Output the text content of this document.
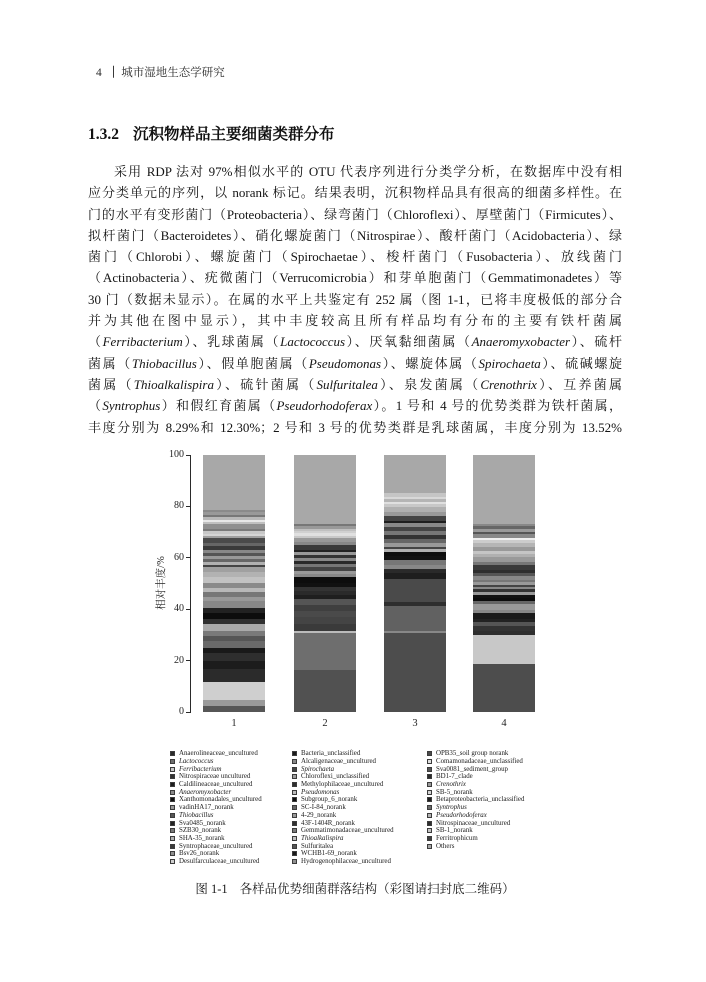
4 ｜ 城市湿地生态学研究
1.3.2 沉积物样品主要细菌类群分布
采用 RDP 法对 97%相似水平的 OTU 代表序列进行分类学分析，在数据库中没有相
应分类单元的序列，以 norank 标记。结果表明，沉积物样品具有很高的细菌多样性。在
门的水平有变形菌门（Proteobacteria）、绿弯菌门（Chloroflexi）、厚壁菌门（Firmicutes）、
拟杆菌门（Bacteroidetes）、硝化螺旋菌门（Nitrospirae）、酸杆菌门（Acidobacteria）、绿
菌门（Chlorobi）、螺旋菌门（Spirochaetae）、梭杆菌门（Fusobacteria）、放线菌门
（Actinobacteria）、疣微菌门（Verrucomicrobia）和芽单胞菌门（Gemmatimonadetes）等
30 门（数据未显示）。在属的水平上共鉴定有 252 属（图 1-1，已将丰度极低的部分合
并为其他在图中显示），其中丰度较高且所有样品均有分布的主要有铁杆菌属
（Ferribacterium）、乳球菌属（Lactococcus）、厌氧黏细菌属（Anaeromyxobacter）、硫杆
菌属（Thiobacillus）、假单胞菌属（Pseudomonas）、螺旋体属（Spirochaeta）、硫碱螺旋
菌属（Thioalkalispira）、硫针菌属（Sulfuritalea）、泉发菌属（Crenothrix）、互养菌属
（Syntrophus）和假红育菌属（Pseudorhodoferax）。1 号和 4 号的优势类群为铁杆菌属，
丰度分别为 8.29%和 12.30%；2 号和 3 号的优势类群是乳球菌属，丰度分别为 13.52%
相对丰度/%
0
20
40
60
80
100
1	2	3	4
Anaerolineaceae_uncultured
Lactococcus
Ferribacterium
Nitrospiraceae uncultured
Caldilineaceae_uncultured
Anaeromyxobacter
Xanthomonadales_uncultured
vadinHA17_norank
Thiobacillus
Sva0485_norank
SZB30_norank
SHA-35_norank
Syntrophaceae_uncultured
Bsv26_norank
Desulfarculaceae_uncultured
Bacteria_unclassified
Alcaligenaceae_uncultured
Spirochaeta
Chloroflexi_unclassified
Methylophilaceae_uncultured
Pseudomonas
Subgroup_6_norank
SC-I-84_norank
4-29_norank
43F-1404R_norank
Gemmatimonadaceae_uncultured
Thioalkalispira
Sulfuritalea
WCHB1-69_norank
Hydrogenophilaceae_uncultured
OPB35_soil group norank
Comamonadaceae_unclassified
Sva0081_sediment_group
BD1-7_clade
Crenothrix
SB-5_norank
Betaproteobacteria_unclassified
Syntrophus
Pseudorhodoferax
Nitrospinaceae_uncultured
SB-1_norank
Ferritrophicum
Others
图 1-1 各样品优势细菌群落结构（彩图请扫封底二维码）
